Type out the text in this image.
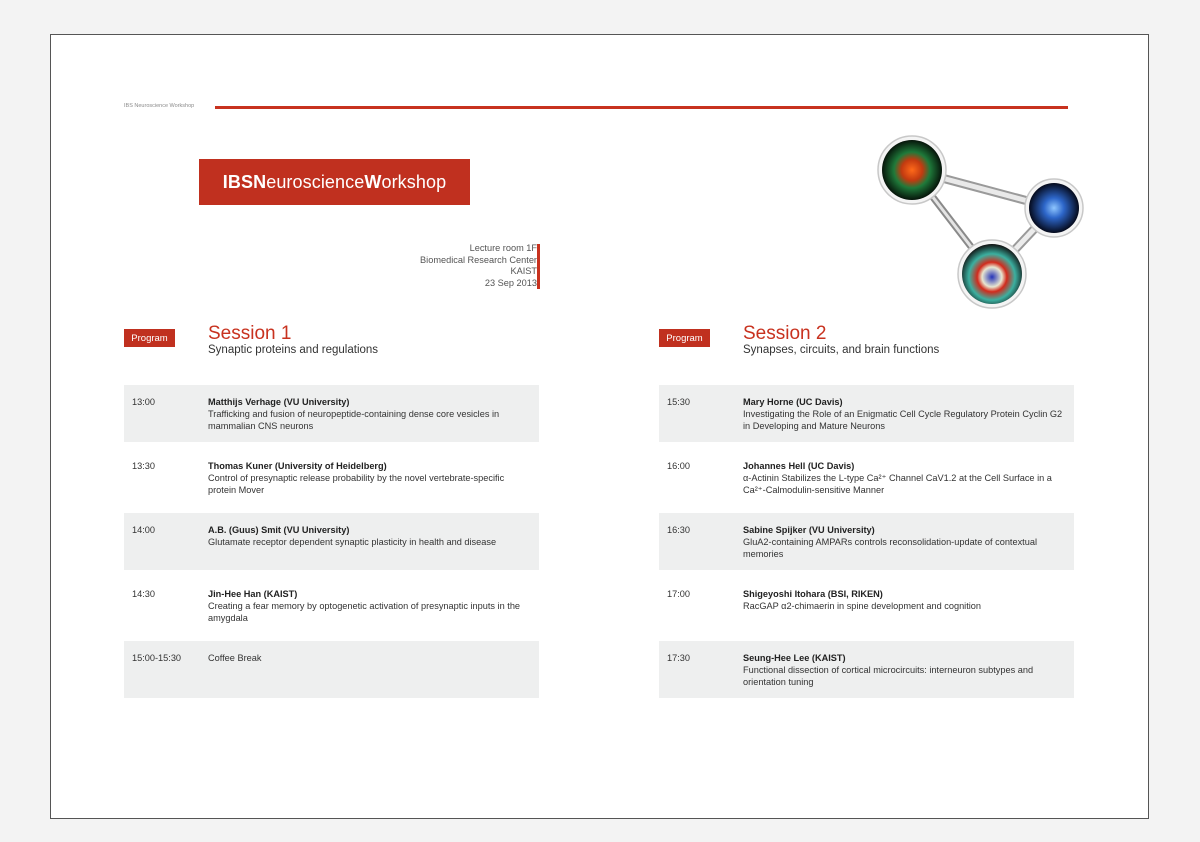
IBS Neuroscience Workshop
IBS N euroscience W orkshop
Lecture room 1F
Biomedical Research Center
KAIST
23 Sep 2013
Program	Session 1
Synaptic proteins and regulations
13:00	Matthijs Verhage (VU University)
Trafficking and fusion of neuropeptide-containing dense core vesicles in mammalian CNS neurons
13:30	Thomas Kuner (University of Heidelberg)
Control of presynaptic release probability by the novel vertebrate-specific protein Mover
14:00	A.B. (Guus) Smit (VU University)
Glutamate receptor dependent synaptic plasticity in health and disease
14:30	Jin-Hee Han (KAIST)
Creating a fear memory by optogenetic activation of presynaptic inputs in the amygdala
15:00-15:30	Coffee Break
Program	Session 2
Synapses, circuits, and brain functions
15:30	Mary Horne (UC Davis)
Investigating the Role of an Enigmatic Cell Cycle Regulatory Protein Cyclin G2 in Developing and Mature Neurons
16:00	Johannes Hell (UC Davis)
α-Actinin Stabilizes the L-type Ca²⁺ Channel CaV1.2 at the Cell Surface in a Ca²⁺-Calmodulin-sensitive Manner
16:30	Sabine Spijker (VU University)
GluA2-containing AMPARs controls reconsolidation-update of contextual memories
17:00	Shigeyoshi Itohara (BSI, RIKEN)
RacGAP α2-chimaerin in spine development and cognition
17:30	Seung-Hee Lee (KAIST)
Functional dissection of cortical microcircuits: interneuron subtypes and orientation tuning
